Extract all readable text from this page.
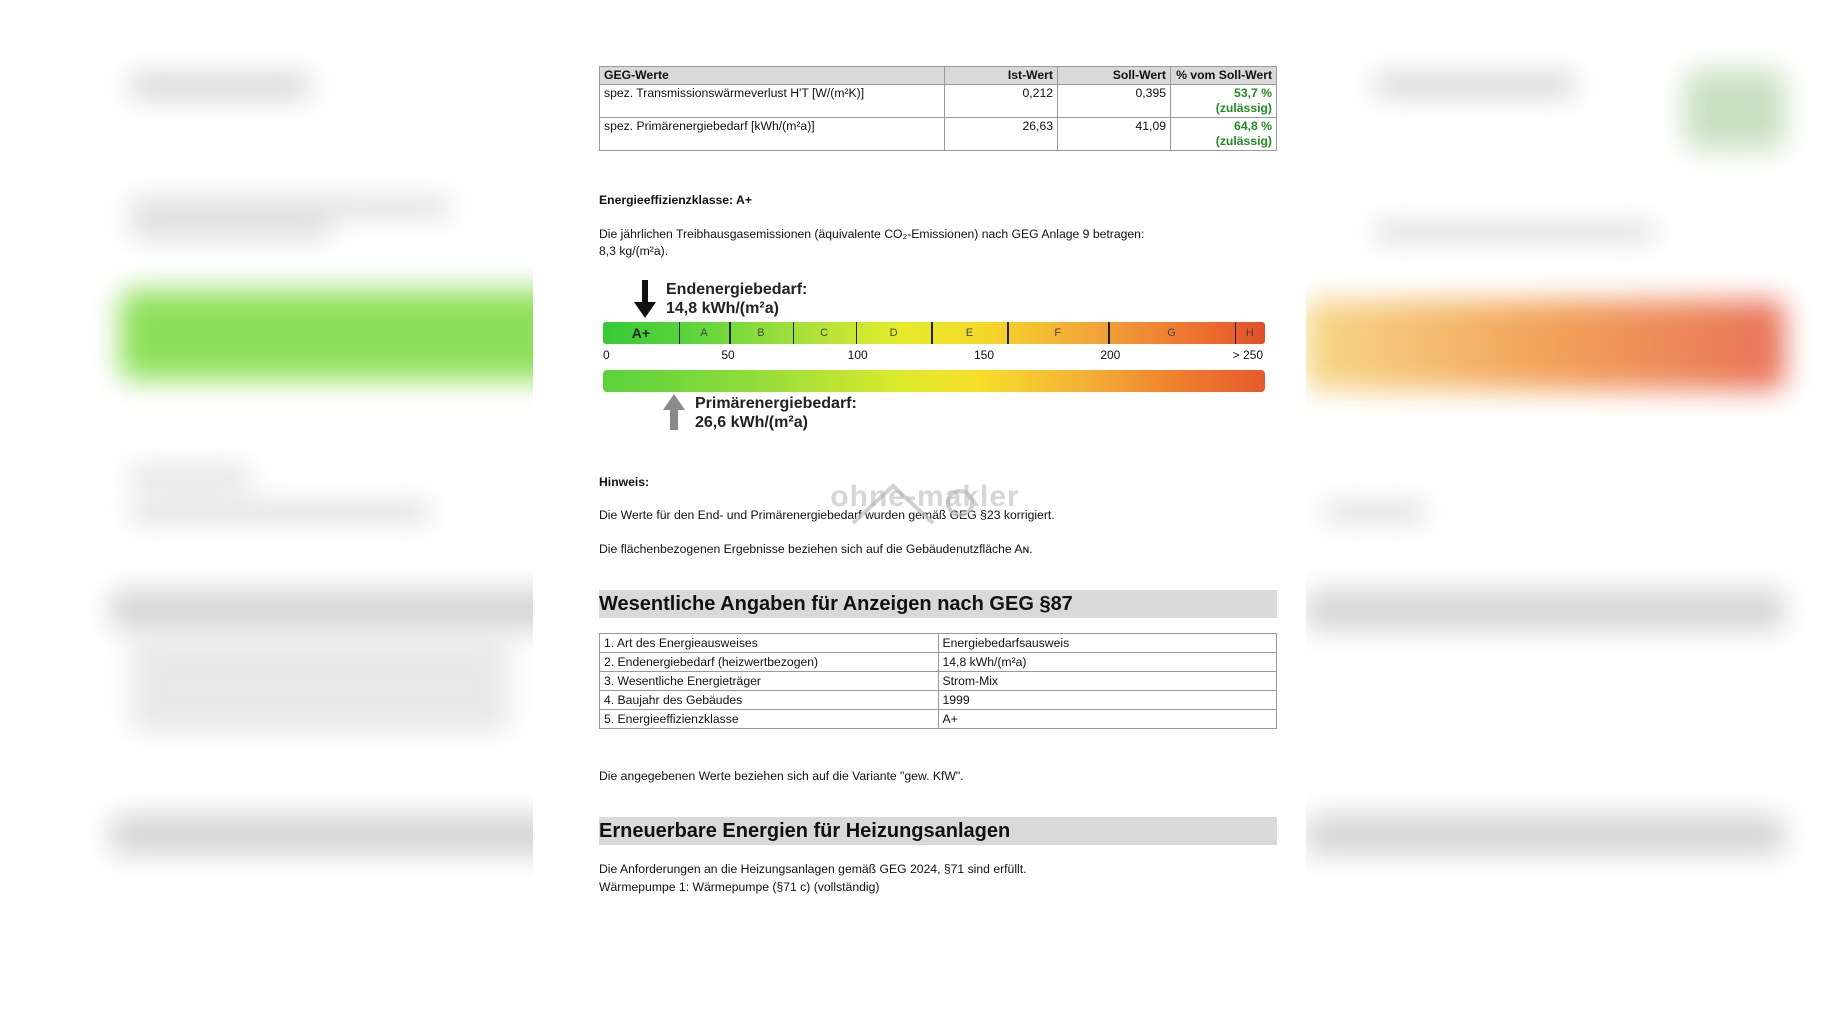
GEG-Werte	Ist-Wert	Soll-Wert	% vom Soll-Wert
spez. Transmissionswärmeverlust H'T [W/(m²K)]	0,212	0,395	53,7 %
(zulässig)
spez. Primärenergiebedarf [kWh/(m²a)]	26,63	41,09	64,8 %
(zulässig)

Energieeffizienzklasse: A+

Die jährlichen Treibhausgasemissionen (äquivalente CO₂-Emissionen) nach GEG Anlage 9 betragen:

8,3 kg/(m²a).

Endenergiebedarf:
14,8 kWh/(m²a)
A+	A	B	C	D	E	F	G	H
0	50	100	150	200	> 250
Primärenergiebedarf:
26,6 kWh/(m²a)

Hinweis:

Die Werte für den End- und Primärenergiebedarf wurden gemäß GEG §23 korrigiert.

Die flächenbezogenen Ergebnisse beziehen sich auf die Gebäudenutzfläche Aɴ.

Wesentliche Angaben für Anzeigen nach GEG §87
1. Art des Energieausweises	Energiebedarfsausweis
2. Endenergiebedarf (heizwertbezogen)	14,8 kWh/(m²a)
3. Wesentliche Energieträger	Strom-Mix
4. Baujahr des Gebäudes	1999
5. Energieeffizienzklasse	A+

Die angegebenen Werte beziehen sich auf die Variante "gew. KfW".

Erneuerbare Energien für Heizungsanlagen

Die Anforderungen an die Heizungsanlagen gemäß GEG 2024, §71 sind erfüllt.

Wärmepumpe 1: Wärmepumpe (§71 c) (vollständig)

ohne-makler
